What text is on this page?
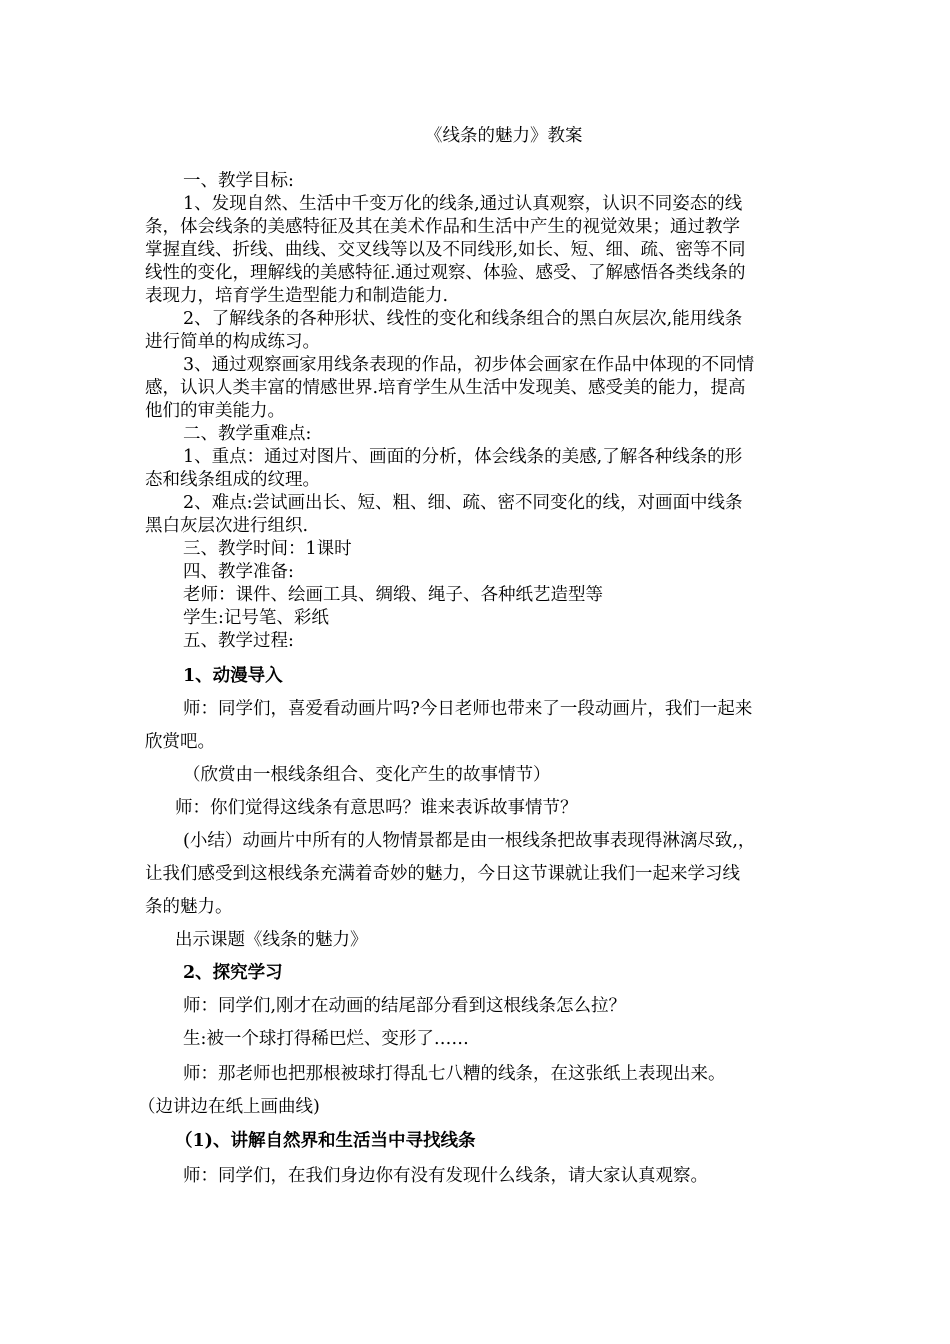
《线条的魅力》教案

一、教学目标:

1、发现自然、生活中千变万化的线条,通过认真观察，认识不同姿态的线

条，体会线条的美感特征及其在美术作品和生活中产生的视觉效果；通过教学

掌握直线、折线、曲线、交叉线等以及不同线形,如长、短、细、疏、密等不同

线性的变化，理解线的美感特征.通过观察、体验、感受、了解感悟各类线条的

表现力，培育学生造型能力和制造能力.

2、了解线条的各种形状、线性的变化和线条组合的黑白灰层次,能用线条

进行简单的构成练习。

3、通过观察画家用线条表现的作品，初步体会画家在作品中体现的不同情

感，认识人类丰富的情感世界.培育学生从生活中发现美、感受美的能力，提高

他们的审美能力。

二、教学重难点:

1、重点：通过对图片、画面的分析，体会线条的美感,了解各种线条的形

态和线条组成的纹理。

2、难点:尝试画出长、短、粗、细、疏、密不同变化的线，对画面中线条

黑白灰层次进行组织.

三、教学时间：1课时

四、教学准备:

老师：课件、绘画工具、绸缎、绳子、各种纸艺造型等

学生:记号笔、彩纸

五、教学过程:

1、动漫导入

师：同学们，喜爱看动画片吗?今日老师也带来了一段动画片，我们一起来

欣赏吧。

（欣赏由一根线条组合、变化产生的故事情节）

师：你们觉得这线条有意思吗？谁来表诉故事情节？

(小结）动画片中所有的人物情景都是由一根线条把故事表现得淋漓尽致,，

让我们感受到这根线条充满着奇妙的魅力，今日这节课就让我们一起来学习线

条的魅力。

出示课题《线条的魅力》

2、探究学习

师：同学们,刚才在动画的结尾部分看到这根线条怎么拉？

生:被一个球打得稀巴烂、变形了……

师：那老师也把那根被球打得乱七八糟的线条，在这张纸上表现出来。

（边讲边在纸上画曲线)

（1)、讲解自然界和生活当中寻找线条

师：同学们，在我们身边你有没有发现什么线条，请大家认真观察。
